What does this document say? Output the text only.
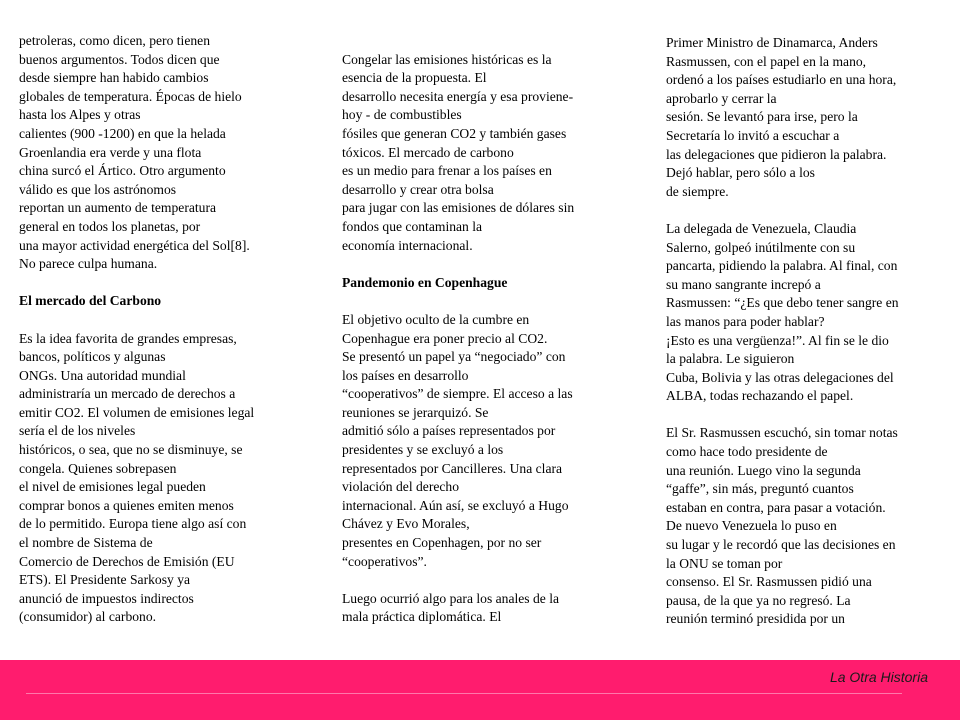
petroleras, como dicen, pero tienen
buenos argumentos. Todos dicen que
desde siempre han habido cambios
globales de temperatura. Épocas de hielo
hasta los Alpes y otras
calientes (900 -1200) en que la helada
Groenlandia era verde y una flota
china surcó el Ártico. Otro argumento
válido es que los astrónomos
reportan un aumento de temperatura
general en todos los planetas, por
una mayor actividad energética del Sol[8].
No parece culpa humana.
El mercado del Carbono
Es la idea favorita de grandes empresas,
bancos, políticos y algunas
ONGs. Una autoridad mundial
administraría un mercado de derechos a
emitir CO2. El volumen de emisiones legal
sería el de los niveles
históricos, o sea, que no se disminuye, se
congela. Quienes sobrepasen
el nivel de emisiones legal pueden
comprar bonos a quienes emiten menos
de lo permitido. Europa tiene algo así con
el nombre de Sistema de
Comercio de Derechos de Emisión (EU
ETS). El Presidente Sarkosy ya
anunció de impuestos indirectos
(consumidor) al carbono.
Congelar las emisiones históricas es la
esencia de la propuesta. El
desarrollo necesita energía y esa proviene-
hoy - de combustibles
fósiles que generan CO2 y también gases
tóxicos. El mercado de carbono
es un medio para frenar a los países en
desarrollo y crear otra bolsa
para jugar con las emisiones de dólares sin
fondos que contaminan la
economía internacional.
Pandemonio en Copenhague
El objetivo oculto de la cumbre en
Copenhague era poner precio al CO2.
Se presentó un papel ya “negociado” con
los países en desarrollo
“cooperativos” de siempre. El acceso a las
reuniones se jerarquizó. Se
admitió sólo a países representados por
presidentes y se excluyó a los
representados por Cancilleres. Una clara
violación del derecho
internacional. Aún así, se excluyó a Hugo
Chávez y Evo Morales,
presentes en Copenhagen, por no ser
“cooperativos”.
Luego ocurrió algo para los anales de la
mala práctica diplomática. El
Primer Ministro de Dinamarca, Anders
Rasmussen, con el papel en la mano,
ordenó a los países estudiarlo en una hora,
aprobarlo y cerrar la
sesión. Se levantó para irse, pero la
Secretaría lo invitó a escuchar a
las delegaciones que pidieron la palabra.
Dejó hablar, pero sólo a los
de siempre.
La delegada de Venezuela, Claudia
Salerno, golpeó inútilmente con su
pancarta, pidiendo la palabra. Al final, con
su mano sangrante increpó a
Rasmussen: “¿Es que debo tener sangre en
las manos para poder hablar?
¡Esto es una vergüenza!”. Al fin se le dio
la palabra. Le siguieron
Cuba, Bolivia y las otras delegaciones del
ALBA, todas rechazando el papel.
El Sr. Rasmussen escuchó, sin tomar notas
como hace todo presidente de
una reunión. Luego vino la segunda
“gaffe”, sin más, preguntó cuantos
estaban en contra, para pasar a votación.
De nuevo Venezuela lo puso en
su lugar y le recordó que las decisiones en
la ONU se toman por
consenso. El Sr. Rasmussen pidió una
pausa, de la que ya no regresó. La
reunión terminó presidida por un
La Otra Historia
